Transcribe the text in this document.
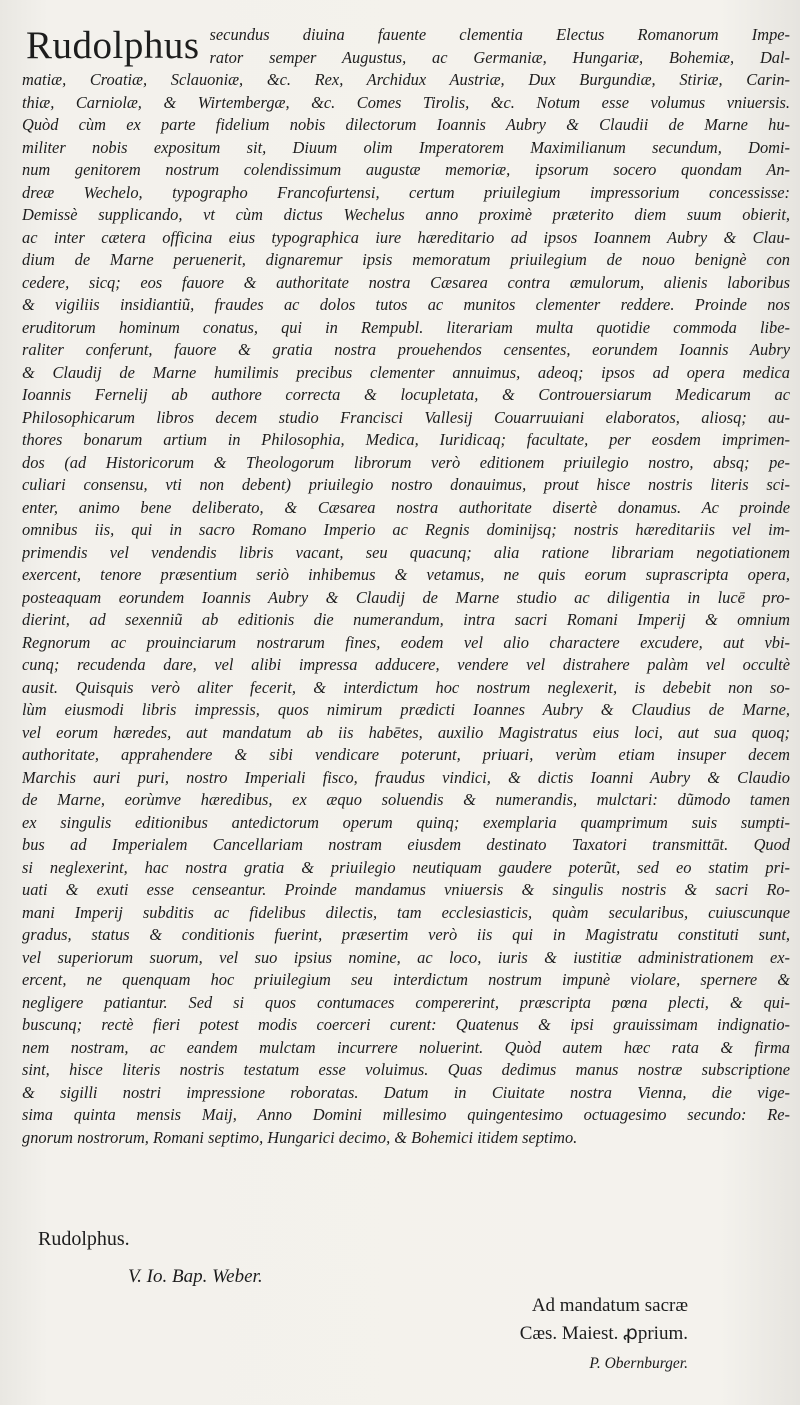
Rudolphus secundus diuina fauente clementia Electus Romanorum Impe-
rator semper Augustus, ac Germaniæ, Hungariæ, Bohemiæ, Dal-
matiæ, Croatiæ, Sclauoniæ, &c. Rex, Archidux Austriæ, Dux Burgundiæ, Stiriæ, Carin-
thiæ, Carniolæ, & Wirtembergæ, &c. Comes Tirolis, &c. Notum esse volumus vniuersis.
Quòd cùm ex parte fidelium nobis dilectorum Ioannis Aubry & Claudii de Marne hu-
militer nobis expositum sit, Diuum olim Imperatorem Maximilianum secundum, Domi-
num genitorem nostrum colendissimum augustæ memoriæ, ipsorum socero quondam An-
dreæ Wechelo, typographo Francofurtensi, certum priuilegium impressorium concessisse:
Demissè supplicando, vt cùm dictus Wechelus anno proximè præterito diem suum obierit,
ac inter cætera officina eius typographica iure hæreditario ad ipsos Ioannem Aubry & Clau-
dium de Marne peruenerit, dignaremur ipsis memoratum priuilegium de nouo benignè con
cedere, sicq; eos fauore & authoritate nostra Cæsarea contra æmulorum, alienis laboribus
& vigiliis insidiantiũ, fraudes ac dolos tutos ac munitos clementer reddere. Proinde nos
eruditorum hominum conatus, qui in Rempubl. literariam multa quotidie commoda libe-
raliter conferunt, fauore & gratia nostra prouehendos censentes, eorundem Ioannis Aubry
& Claudij de Marne humilimis precibus clementer annuimus, adeoq; ipsos ad opera medica
Ioannis Fernelij ab authore correcta & locupletata, & Controuersiarum Medicarum ac
Philosophicarum libros decem studio Francisci Vallesij Couarruuiani elaboratos, aliosq; au-
thores bonarum artium in Philosophia, Medica, Iuridicaq; facultate, per eosdem imprimen-
dos (ad Historicorum & Theologorum librorum verò editionem priuilegio nostro, absq; pe-
culiari consensu, vti non debent) priuilegio nostro donauimus, prout hisce nostris literis sci-
enter, animo bene deliberato, & Cæsarea nostra authoritate disertè donamus. Ac proinde
omnibus iis, qui in sacro Romano Imperio ac Regnis dominijsq; nostris hæreditariis vel im-
primendis vel vendendis libris vacant, seu quacunq; alia ratione librariam negotiationem
exercent, tenore præsentium seriò inhibemus & vetamus, ne quis eorum suprascripta opera,
posteaquam eorundem Ioannis Aubry & Claudij de Marne studio ac diligentia in lucē pro-
dierint, ad sexenniũ ab editionis die numerandum, intra sacri Romani Imperij & omnium
Regnorum ac prouinciarum nostrarum fines, eodem vel alio charactere excudere, aut vbi-
cunq; recudenda dare, vel alibi impressa adducere, vendere vel distrahere palàm vel occultè
ausit. Quisquis verò aliter fecerit, & interdictum hoc nostrum neglexerit, is debebit non so-
lùm eiusmodi libris impressis, quos nimirum prædicti Ioannes Aubry & Claudius de Marne,
vel eorum hæredes, aut mandatum ab iis habētes, auxilio Magistratus eius loci, aut sua quoq;
authoritate, apprahendere & sibi vendicare poterunt, priuari, verùm etiam insuper decem
Marchis auri puri, nostro Imperiali fisco, fraudus vindici, & dictis Ioanni Aubry & Claudio
de Marne, eorùmve hæredibus, ex æquo soluendis & numerandis, mulctari: dũmodo tamen
ex singulis editionibus antedictorum operum quinq; exemplaria quamprimum suis sumpti-
bus ad Imperialem Cancellariam nostram eiusdem destinato Taxatori transmittāt. Quod
si neglexerint, hac nostra gratia & priuilegio neutiquam gaudere poterũt, sed eo statim pri-
uati & exuti esse censeantur. Proinde mandamus vniuersis & singulis nostris & sacri Ro-
mani Imperij subditis ac fidelibus dilectis, tam ecclesiasticis, quàm secularibus, cuiuscunque
gradus, status & conditionis fuerint, præsertim verò iis qui in Magistratu constituti sunt,
vel superiorum suorum, vel suo ipsius nomine, ac loco, iuris & iustitiæ administrationem ex-
ercent, ne quenquam hoc priuilegium seu interdictum nostrum impunè violare, spernere &
negligere patiantur. Sed si quos contumaces compererint, præscripta pœna plecti, & qui-
buscunq; rectè fieri potest modis coerceri curent: Quatenus & ipsi grauissimam indignatio-
nem nostram, ac eandem mulctam incurrere noluerint. Quòd autem hæc rata & firma
sint, hisce literis nostris testatum esse voluimus. Quas dedimus manus nostræ subscriptione
& sigilli nostri impressione roboratas. Datum in Ciuitate nostra Vienna, die vige-
sima quinta mensis Maij, Anno Domini millesimo quingentesimo octuagesimo secundo: Re-
gnorum nostrorum, Romani septimo, Hungarici decimo, & Bohemici itidem septimo.
Rudolphus.
V. Io. Bap. Weber.
Ad mandatum sacræ
Cæs. Maiest. ꝓprium.
P. Obernburger.
